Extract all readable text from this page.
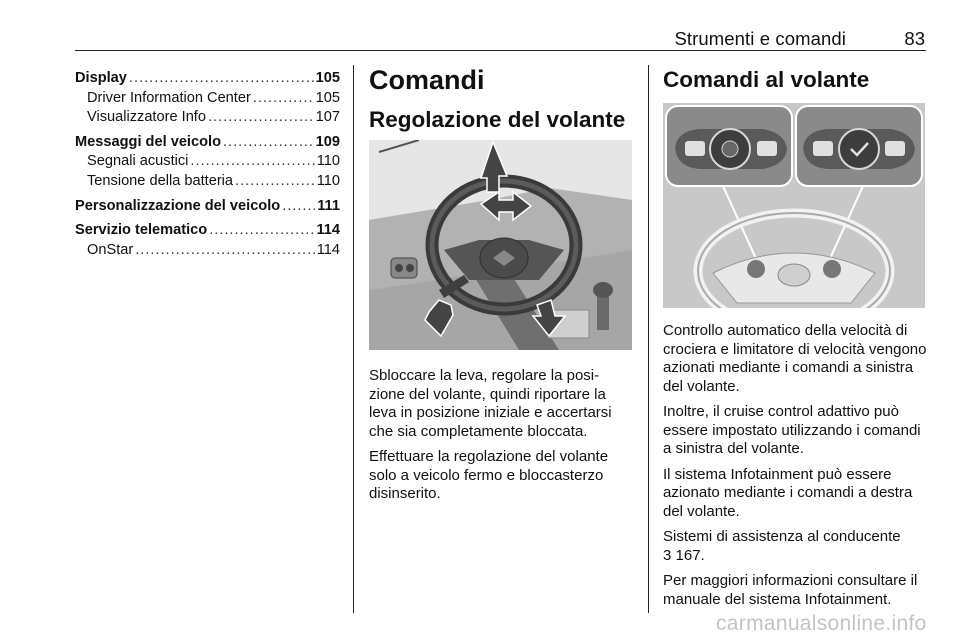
Strumenti e comandi	83
Display .....	105
Driver Information Center .....	105
Visualizzatore Info .....	107
Messaggi del veicolo .....	109
Segnali acustici .....	110
Tensione della batteria .....	110
Personalizzazione del veicolo .....	111
Servizio telematico .....	114
OnStar .....	114
Comandi
Regolazione del volante

Sbloccare la leva, regolare la posi-zione del volante, quindi riportare la leva in posizione iniziale e accertarsi che sia completamente bloccata.

Effettuare la regolazione del volante solo a veicolo fermo e bloccasterzo disinserito.

Comandi al volante

Controllo automatico della velocità di crociera e limitatore di velocità vengono azionati mediante i comandi a sinistra del volante.

Inoltre, il cruise control adattivo può essere impostato utilizzando i comandi a sinistra del volante.

Il sistema Infotainment può essere azionato mediante i comandi a destra del volante.

Sistemi di assistenza al conducente
3 167.

Per maggiori informazioni consultare il manuale del sistema Infotainment.

carmanualsonline.info
